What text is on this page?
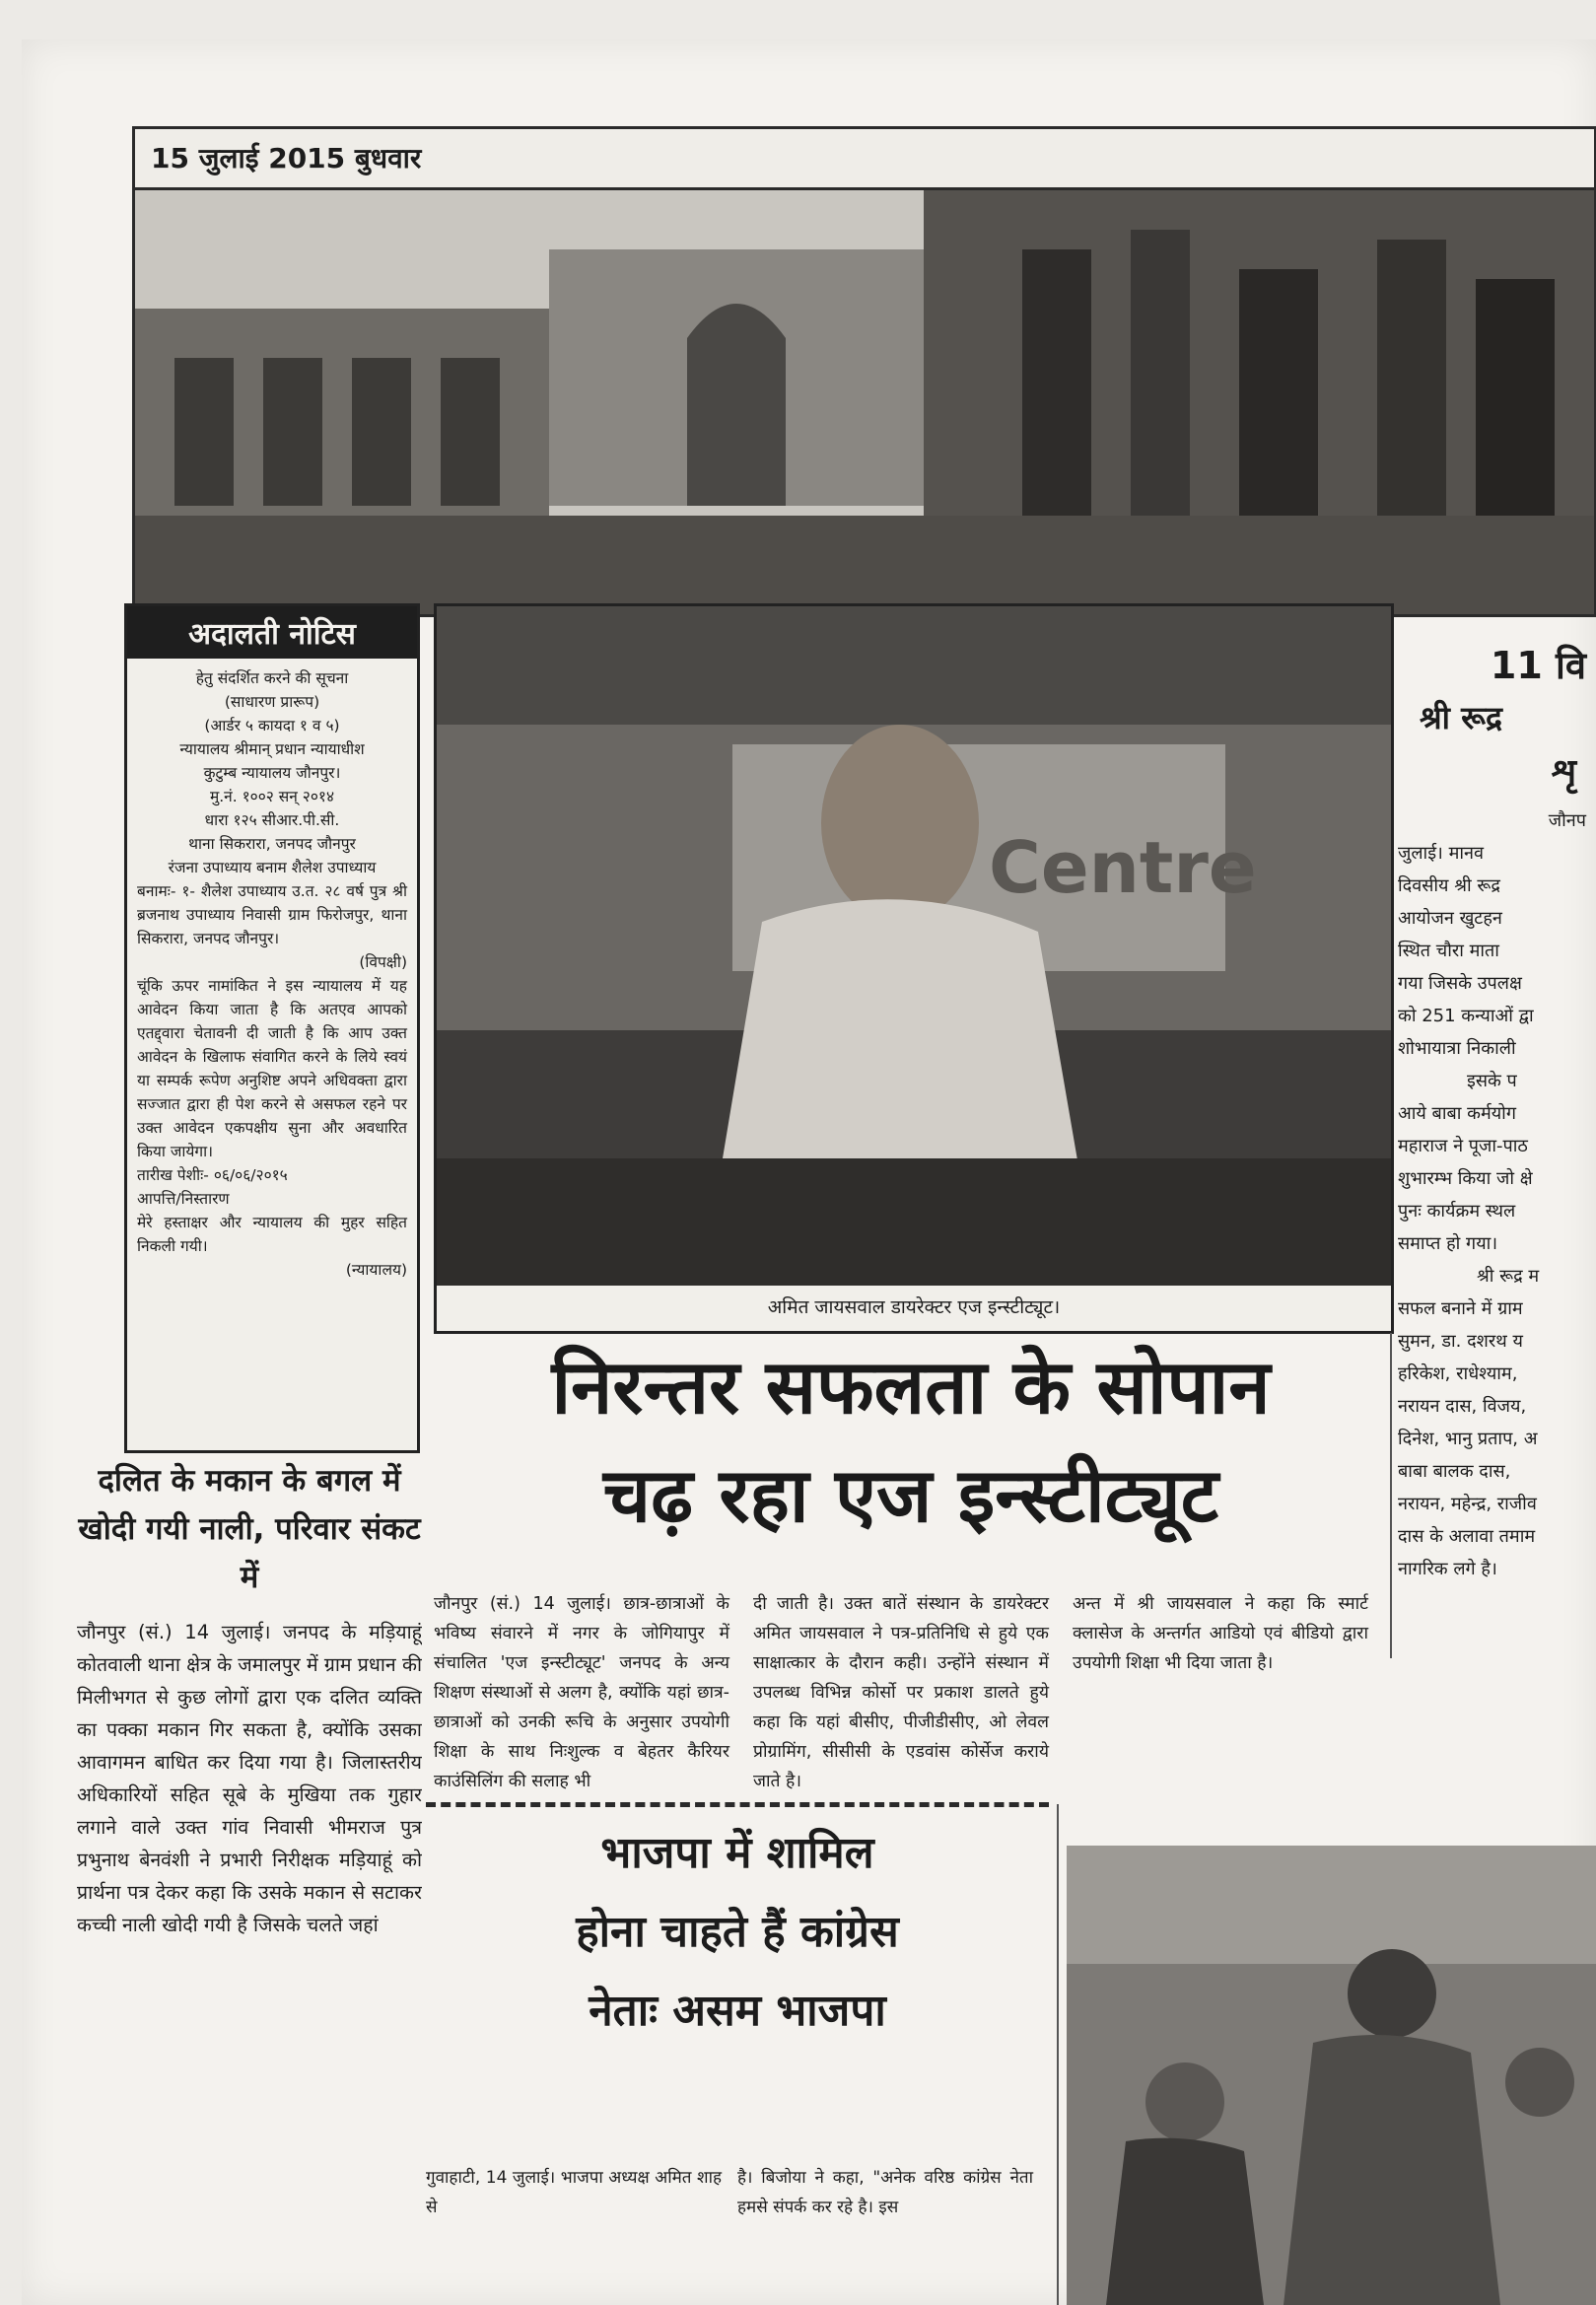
15 जुलाई 2015 बुधवार
अदालती नोटिस
हेतु संदर्शित करने की सूचना
(साधारण प्रारूप)
(आर्डर ५ कायदा १ व ५)
न्यायालय श्रीमान् प्रधान न्यायाधीश
कुटुम्ब न्यायालय जौनपुर।
मु.नं. १००२ सन् २०१४
धारा १२५ सीआर.पी.सी.
थाना सिकरारा, जनपद जौनपुर
रंजना उपाध्याय बनाम शैलेश उपाध्याय
बनामः- १- शैलेश उपाध्याय उ.त. २८ वर्ष पुत्र श्री ब्रजनाथ उपाध्याय निवासी ग्राम फिरोजपुर, थाना सिकरारा, जनपद जौनपुर।
(विपक्षी)
चूंकि ऊपर नामांकित ने इस न्यायालय में यह आवेदन किया जाता है कि अतएव आपको एतद्द्वारा चेतावनी दी जाती है कि आप उक्त आवेदन के खिलाफ संवागित करने के लिये स्वयं या सम्पर्क रूपेण अनुशिष्ट अपने अधिवक्ता द्वारा सज्जात द्वारा ही पेश करने से असफल रहने पर उक्त आवेदन एकपक्षीय सुना और अवधारित किया जायेगा।
तारीख पेशीः- ०६/०६/२०१५
आपत्ति/निस्तारण
मेरे हस्ताक्षर और न्यायालय की मुहर सहित निकली गयी।
(न्यायालय)
Centre
अमित जायसवाल डायरेक्टर एज इन्स्टीट्यूट।
निरन्तर सफलता के सोपान
चढ़ रहा एज इन्स्टीट्यूट
जौनपुर (सं.) 14 जुलाई। छात्र-छात्राओं के भविष्य संवारने में नगर के जोगियापुर में संचालित 'एज इन्स्टीट्यूट' जनपद के अन्य शिक्षण संस्थाओं से अलग है, क्योंकि यहां छात्र-छात्राओं को उनकी रूचि के अनुसार उपयोगी शिक्षा के साथ निःशुल्क व बेहतर कैरियर काउंसिलिंग की सलाह भी
दी जाती है। उक्त बातें संस्थान के डायरेक्टर अमित जायसवाल ने पत्र-प्रतिनिधि से हुये एक साक्षात्कार के दौरान कही। उन्होंने संस्थान में उपलब्ध विभिन्न कोर्सो पर प्रकाश डालते हुये कहा कि यहां बीसीए, पीजीडीसीए, ओ लेवल प्रोग्रामिंग, सीसीसी के एडवांस कोर्सेज कराये जाते है।
अन्त में श्री जायसवाल ने कहा कि स्मार्ट क्लासेज के अन्तर्गत आडियो एवं बीडियो द्वारा उपयोगी शिक्षा भी दिया जाता है।
भाजपा में शामिल
होना चाहते हैं कांग्रेस
नेताः असम भाजपा
गुवाहाटी, 14 जुलाई। भाजपा अध्यक्ष अमित शाह से
है। बिजोया ने कहा, "अनेक वरिष्ठ कांग्रेस नेता हमसे संपर्क कर रहे है। इस
दलित के मकान के बगल में खोदी गयी नाली, परिवार संकट में
जौनपुर (सं.) 14 जुलाई। जनपद के मड़ियाहूं कोतवाली थाना क्षेत्र के जमालपुर में ग्राम प्रधान की मिलीभगत से कुछ लोगों द्वारा एक दलित व्यक्ति का पक्का मकान गिर सकता है, क्योंकि उसका आवागमन बाधित कर दिया गया है। जिलास्तरीय अधिकारियों सहित सूबे के मुखिया तक गुहार लगाने वाले उक्त गांव निवासी भीमराज पुत्र प्रभुनाथ बेनवंशी ने प्रभारी निरीक्षक मड़ियाहूं को प्रार्थना पत्र देकर कहा कि उसके मकान से सटाकर कच्ची नाली खोदी गयी है जिसके चलते जहां
11 वि
श्री रूद्र
शृ
जौनप
जुलाई। मानव
दिवसीय श्री रूद्र
आयोजन खुटहन
स्थित चौरा माता
गया जिसके उपलक्ष
को 251 कन्याओं द्वा
शोभायात्रा निकाली
इसके प
आये बाबा कर्मयोग
महाराज ने पूजा-पाठ
शुभारम्भ किया जो क्षे
पुनः कार्यक्रम स्थल
समाप्त हो गया।
श्री रूद्र म
सफल बनाने में ग्राम
सुमन, डा. दशरथ य
हरिकेश, राधेश्याम,
नरायन दास, विजय,
दिनेश, भानु प्रताप, अ
बाबा बालक दास,
नरायन, महेन्द्र, राजीव
दास के अलावा तमाम
नागरिक लगे है।
